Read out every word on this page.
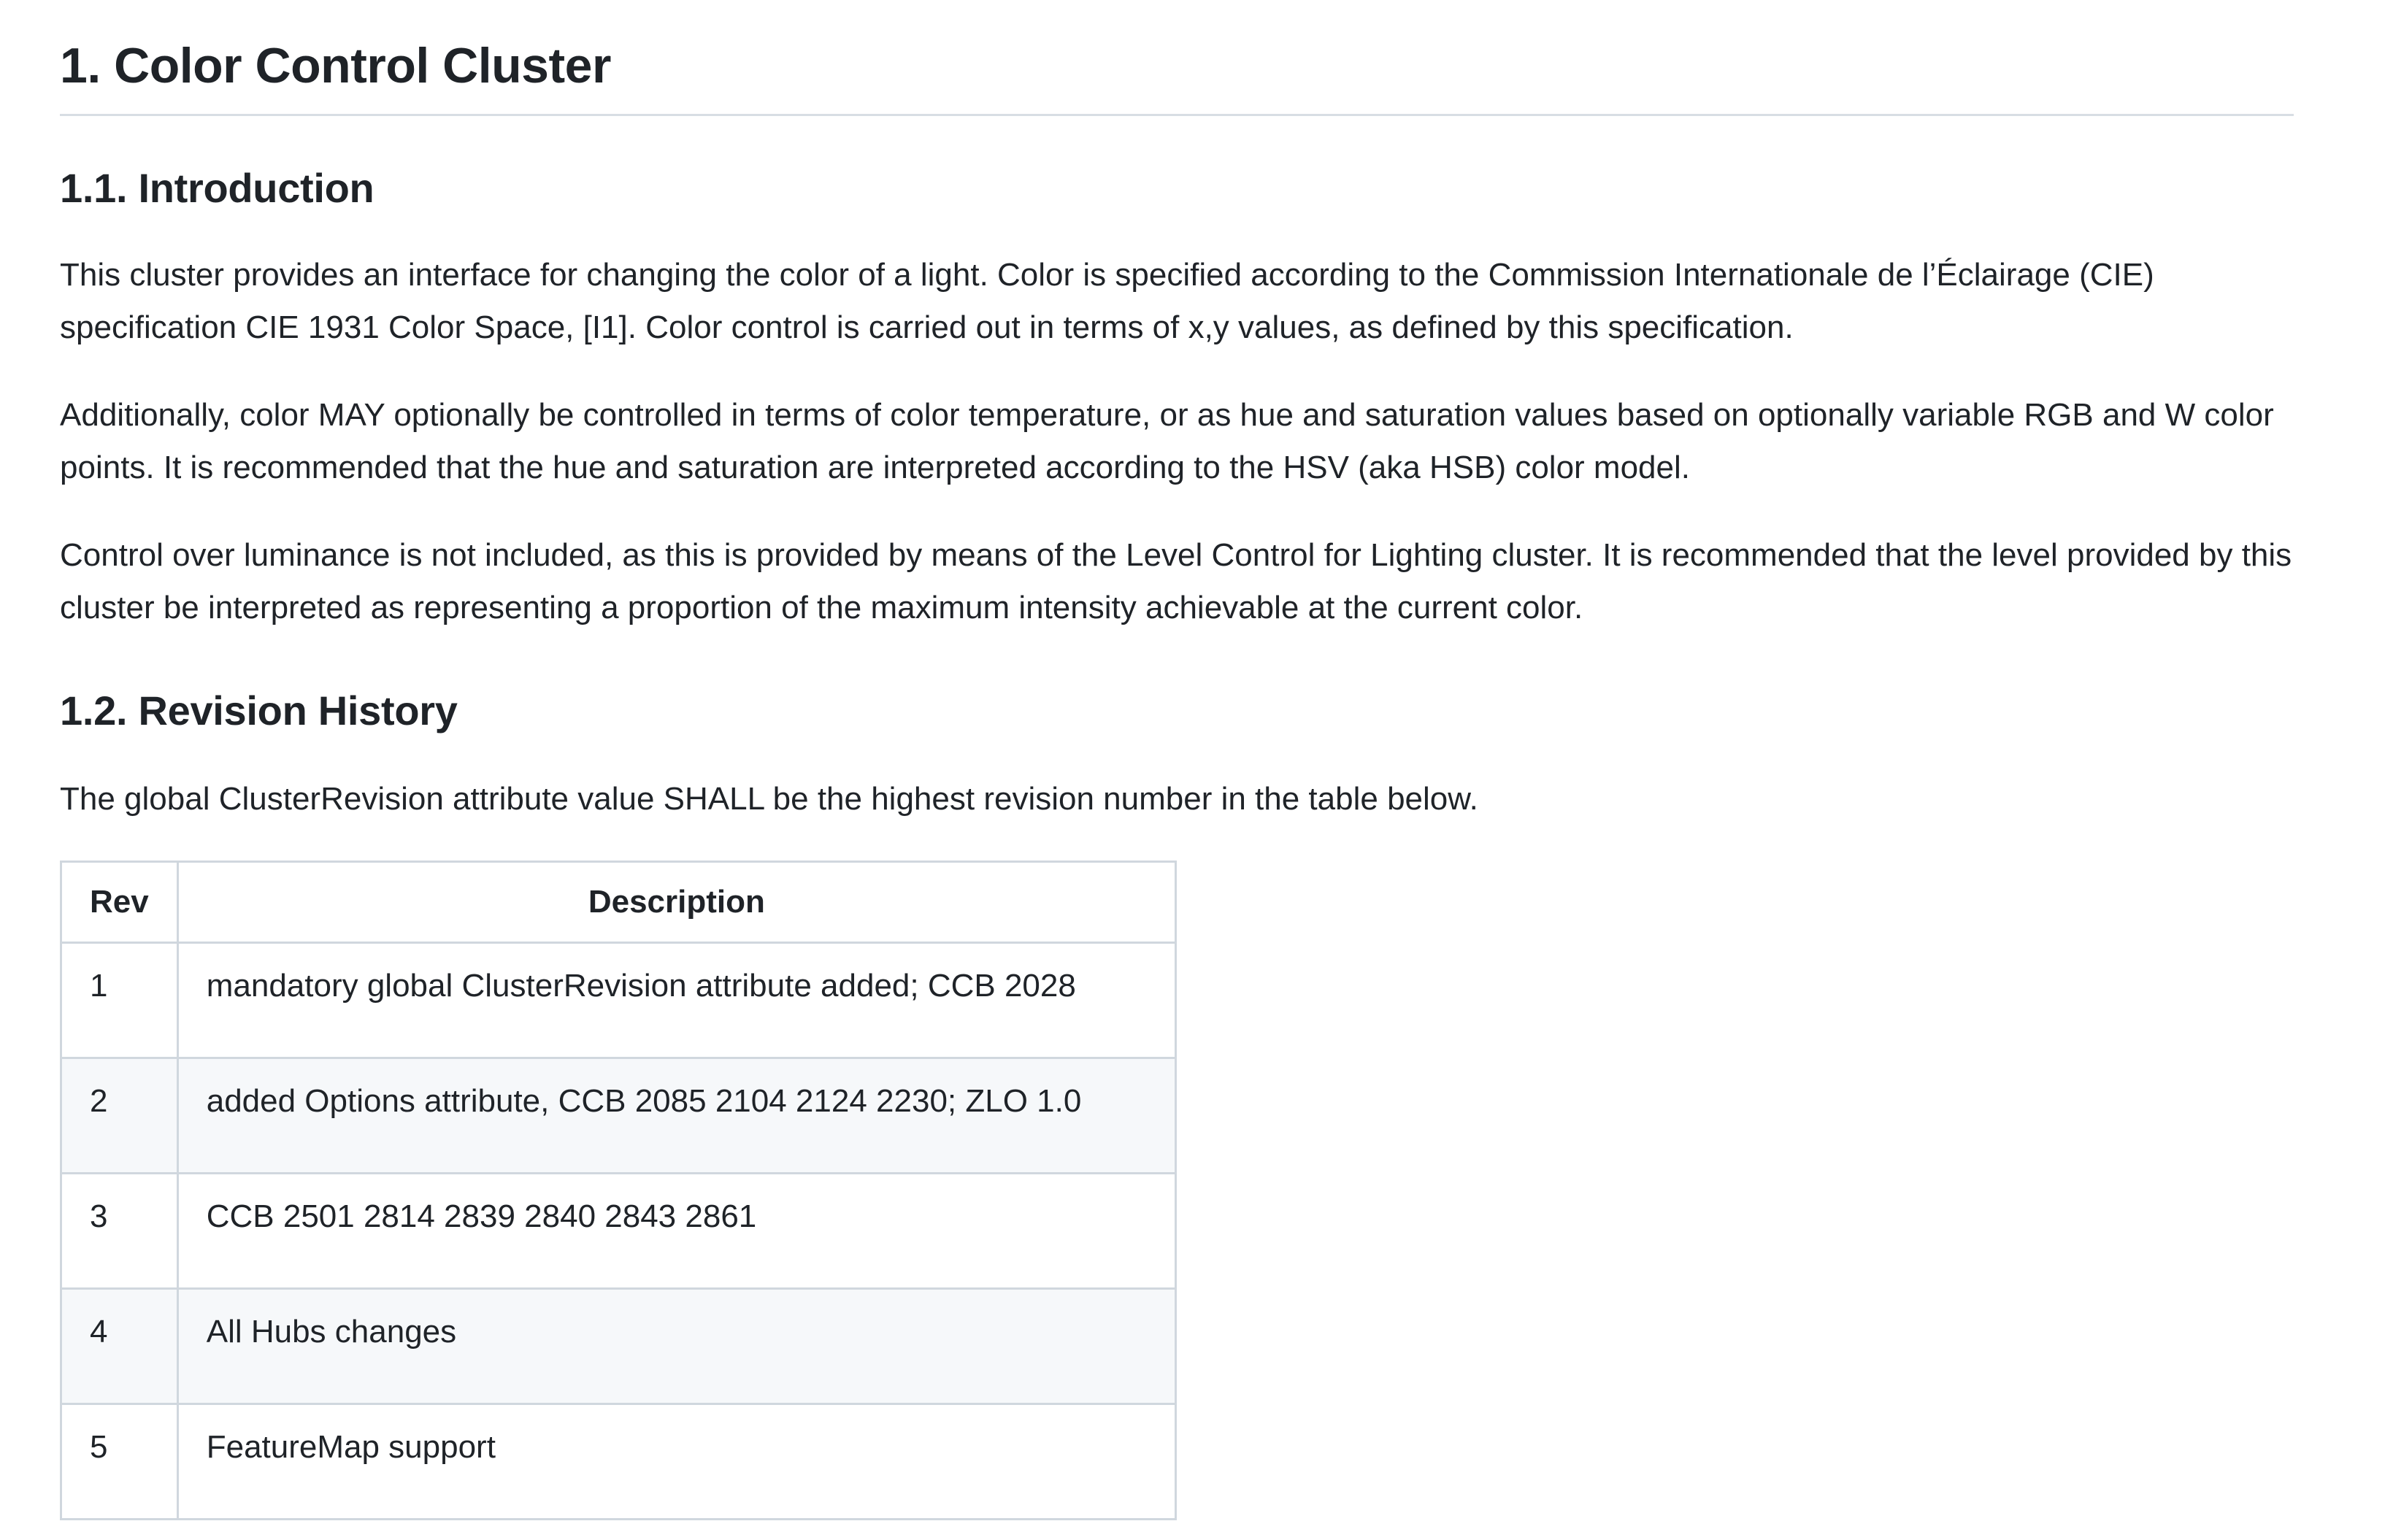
1. Color Control Cluster
1.1. Introduction

This cluster provides an interface for changing the color of a light. Color is specified according to the Commission Internationale de l’Éclairage (CIE) specification CIE 1931 Color Space, [I1]. Color control is carried out in terms of x,y values, as defined by this specification.

Additionally, color MAY optionally be controlled in terms of color temperature, or as hue and saturation values based on optionally variable RGB and W color points. It is recommended that the hue and saturation are interpreted according to the HSV (aka HSB) color model.

Control over luminance is not included, as this is provided by means of the Level Control for Lighting cluster. It is recommended that the level provided by this cluster be interpreted as representing a proportion of the maximum intensity achievable at the current color.

1.2. Revision History

The global ClusterRevision attribute value SHALL be the highest revision number in the table below.

Rev	Description
1	mandatory global ClusterRevision attribute added; CCB 2028
2	added Options attribute, CCB 2085 2104 2124 2230; ZLO 1.0
3	CCB 2501 2814 2839 2840 2843 2861
4	All Hubs changes
5	FeatureMap support
